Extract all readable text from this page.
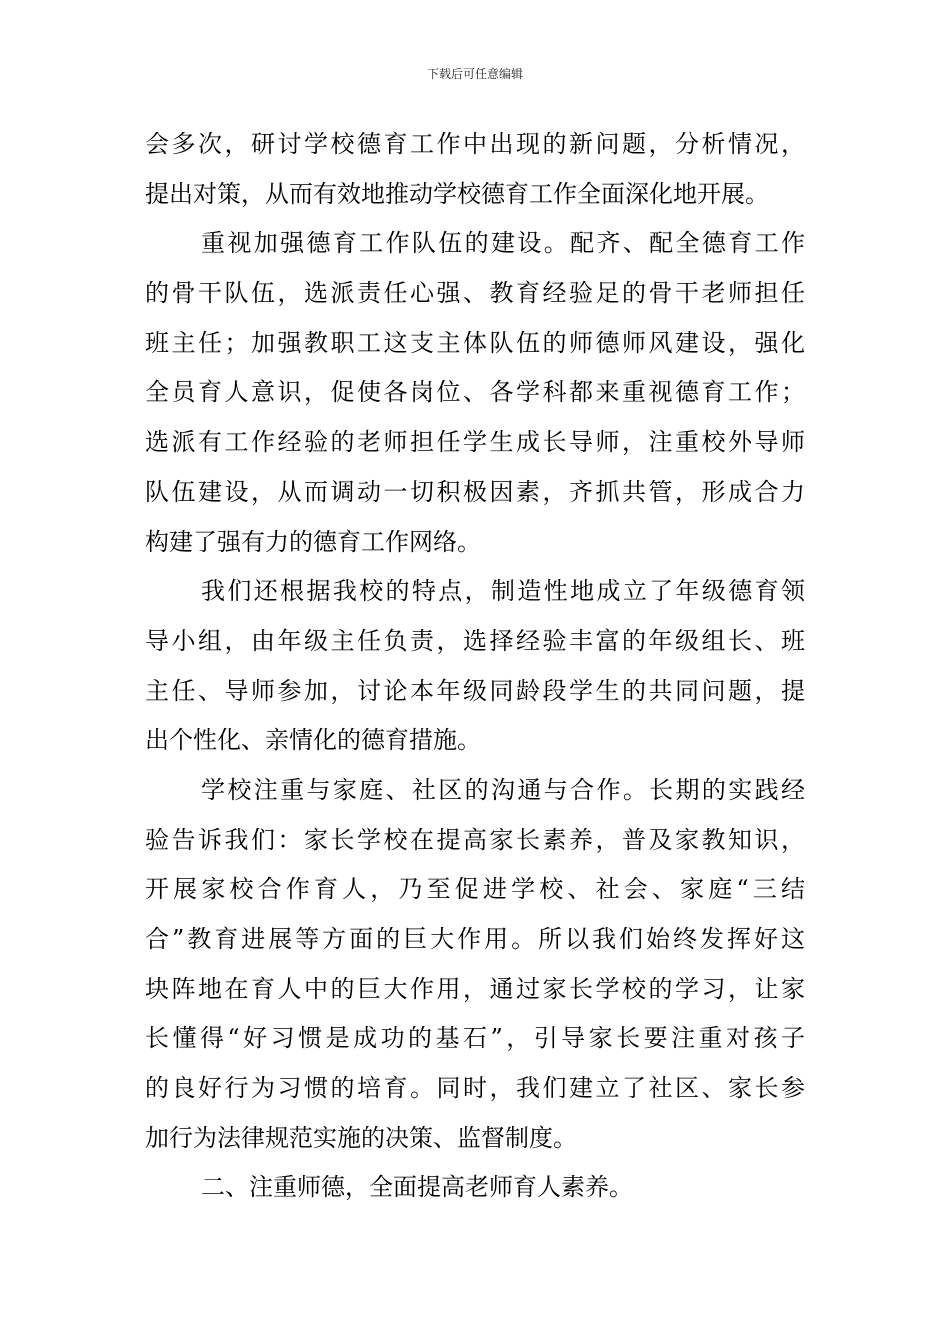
下载后可任意编辑
会多次，研讨学校德育工作中出现的新问题，分析情况，
提出对策，从而有效地推动学校德育工作全面深化地开展。
重视加强德育工作队伍的建设。配齐、配全德育工作
的骨干队伍，选派责任心强、教育经验足的骨干老师担任
班主任；加强教职工这支主体队伍的师德师风建设，强化
全员育人意识，促使各岗位、各学科都来重视德育工作；
选派有工作经验的老师担任学生成长导师，注重校外导师
队伍建设，从而调动一切积极因素，齐抓共管，形成合力
构建了强有力的德育工作网络。
我们还根据我校的特点，制造性地成立了年级德育领
导小组，由年级主任负责，选择经验丰富的年级组长、班
主任、导师参加，讨论本年级同龄段学生的共同问题，提
出个性化、亲情化的德育措施。
学校注重与家庭、社区的沟通与合作。长期的实践经
验告诉我们：家长学校在提高家长素养，普及家教知识，
开展家校合作育人，乃至促进学校、社会、家庭“三结
合”教育进展等方面的巨大作用。所以我们始终发挥好这
块阵地在育人中的巨大作用，通过家长学校的学习，让家
长懂得“好习惯是成功的基石”，引导家长要注重对孩子
的良好行为习惯的培育。同时，我们建立了社区、家长参
加行为法律规范实施的决策、监督制度。
二、注重师德，全面提高老师育人素养。
